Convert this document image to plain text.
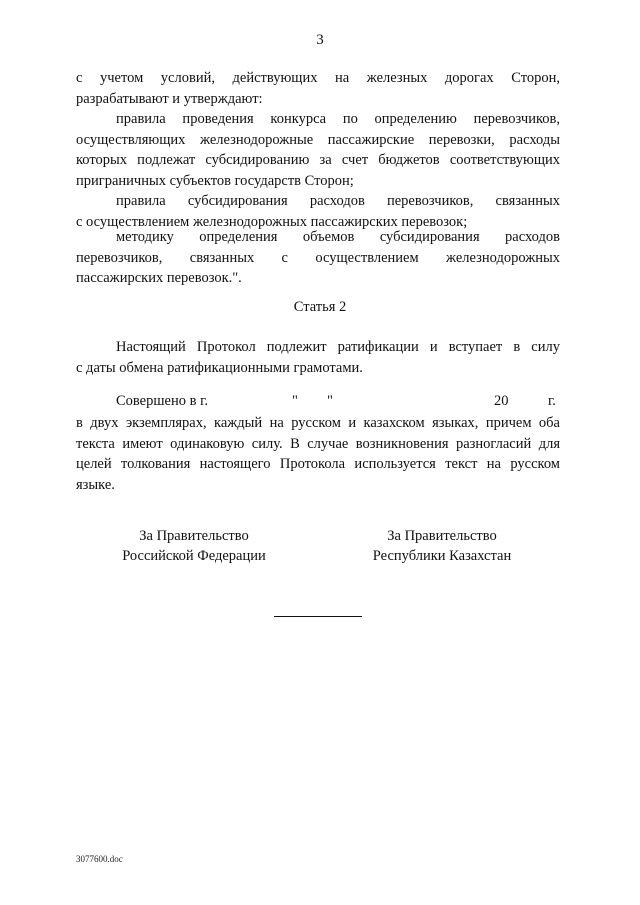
3
с учетом условий, действующих на железных дорогах Сторон,
разрабатывают и утверждают:
правила проведения конкурса по определению перевозчиков,
осуществляющих железнодорожные пассажирские перевозки, расходы
которых подлежат субсидированию за счет бюджетов соответствующих
приграничных субъектов государств Сторон;
правила субсидирования расходов перевозчиков, связанных
с осуществлением железнодорожных пассажирских перевозок;
методику определения объемов субсидирования расходов
перевозчиков, связанных с осуществлением железнодорожных
пассажирских перевозок.".
Статья 2
Настоящий Протокол подлежит ратификации и вступает в силу
с даты обмена ратификационными грамотами.
Совершено в г.	" "	20	г.
в двух экземплярах, каждый на русском и казахском языках, причем оба
текста имеют одинаковую силу. В случае возникновения разногласий для
целей толкования настоящего Протокола используется текст на русском
языке.
За Правительство
Российской Федерации
За Правительство
Республики Казахстан
3077600.doc
